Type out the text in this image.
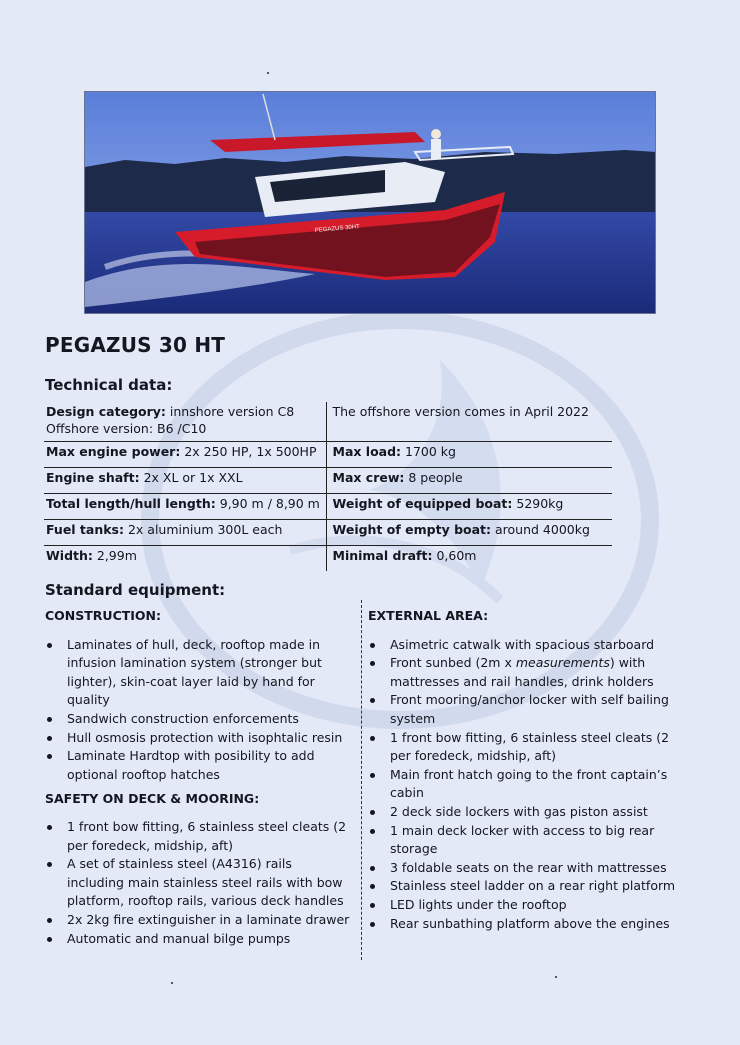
PEGAZUS 30HT
PEGAZUS 30 HT
Technical data:
Design category: innshore version C8
Offshore version: B6 /C10	The offshore version comes in April 2022
Max engine power: 2x 250 HP, 1x 500HP	Max load: 1700 kg
Engine shaft: 2x XL or 1x XXL	Max crew: 8 people
Total length/hull length: 9,90 m / 8,90 m	Weight of equipped boat: 5290kg
Fuel tanks: 2x aluminium 300L each	Weight of empty boat: around 4000kg
Width: 2,99m	Minimal draft: 0,60m
Standard equipment:
CONSTRUCTION:
Laminates of hull, deck, rooftop made in infusion lamination system (stronger but lighter), skin-coat layer laid by hand for quality
Sandwich construction enforcements
Hull osmosis protection with isophtalic resin
Laminate Hardtop with posibility to add optional rooftop hatches
SAFETY ON DECK & MOORING:
1 front bow fitting, 6 stainless steel cleats (2 per foredeck, midship, aft)
A set of stainless steel (A4316) rails including main stainless steel rails with bow platform, rooftop rails, various deck handles
2x 2kg fire extinguisher in a laminate drawer
Automatic and manual bilge pumps
EXTERNAL AREA:
Asimetric catwalk with spacious starboard
Front sunbed (2m x measurements) with mattresses and rail handles, drink holders
Front mooring/anchor locker with self bailing system
1 front bow fitting, 6 stainless steel cleats (2 per foredeck, midship, aft)
Main front hatch going to the front captain’s cabin
2 deck side lockers with gas piston assist
1 main deck locker with access to big rear storage
3 foldable seats on the rear with mattresses
Stainless steel ladder on a rear right platform
LED lights under the rooftop
Rear sunbathing platform above the engines
